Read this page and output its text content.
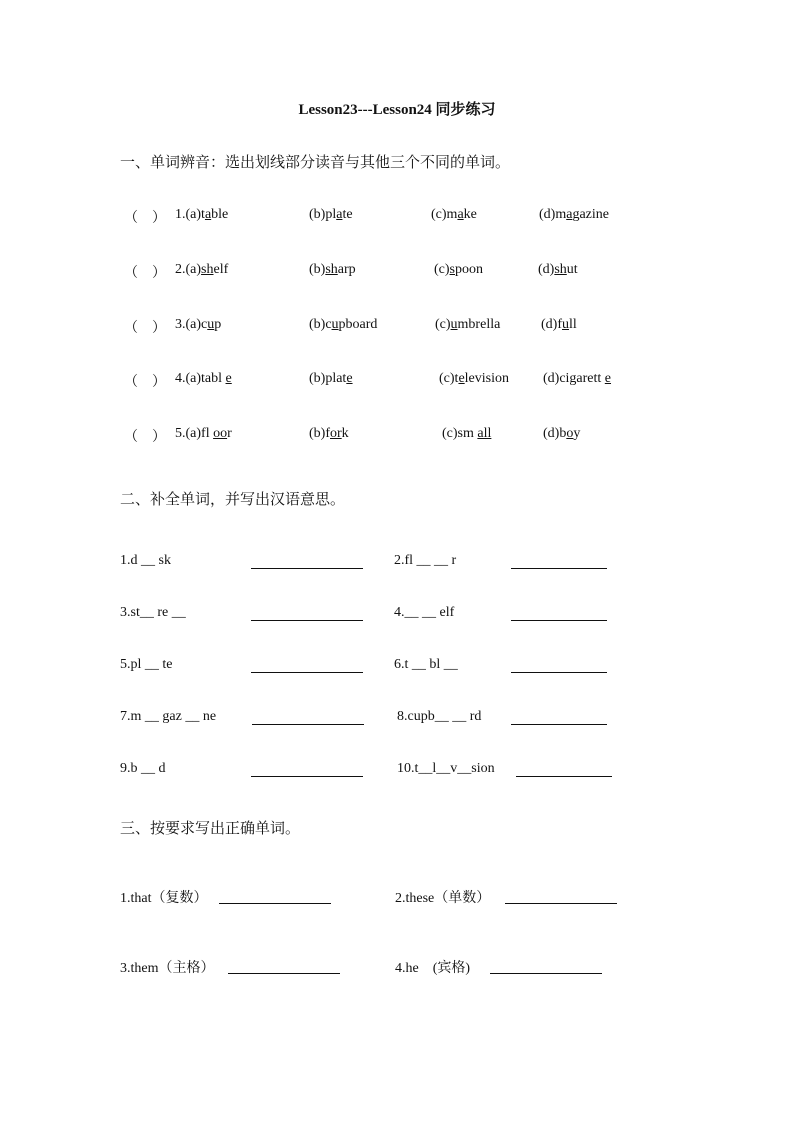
Lesson23---Lesson24 同步练习
一、单词辨音：选出划线部分读音与其他三个不同的单词。
（　） 1.(a)table	(b)plate	(c)make	(d)magazine
（　） 2.(a)shelf	(b)sharp	(c)spoon	(d)shut
（　） 3.(a)cup	(b)cupboard	(c)umbrella	(d)full
（　） 4.(a)tabl e	(b)plate	(c)television (d)cigarett e
（　） 5.(a)fl oor	(b)fork	(c)sm all	(d)boy
二、补全单词，并写出汉语意思。
1.d __ sk	2.fl __ __ r
3.st__ re __	4.__ __ elf
5.pl __ te	6.t __ bl __
7.m __ gaz __ ne	8.cupb__ __ rd
9.b __ d	10.t__l__v__sion
三、按要求写出正确单词。
1.that（复数）	2.these（单数）
3.them（主格）	4.he　(宾格)
